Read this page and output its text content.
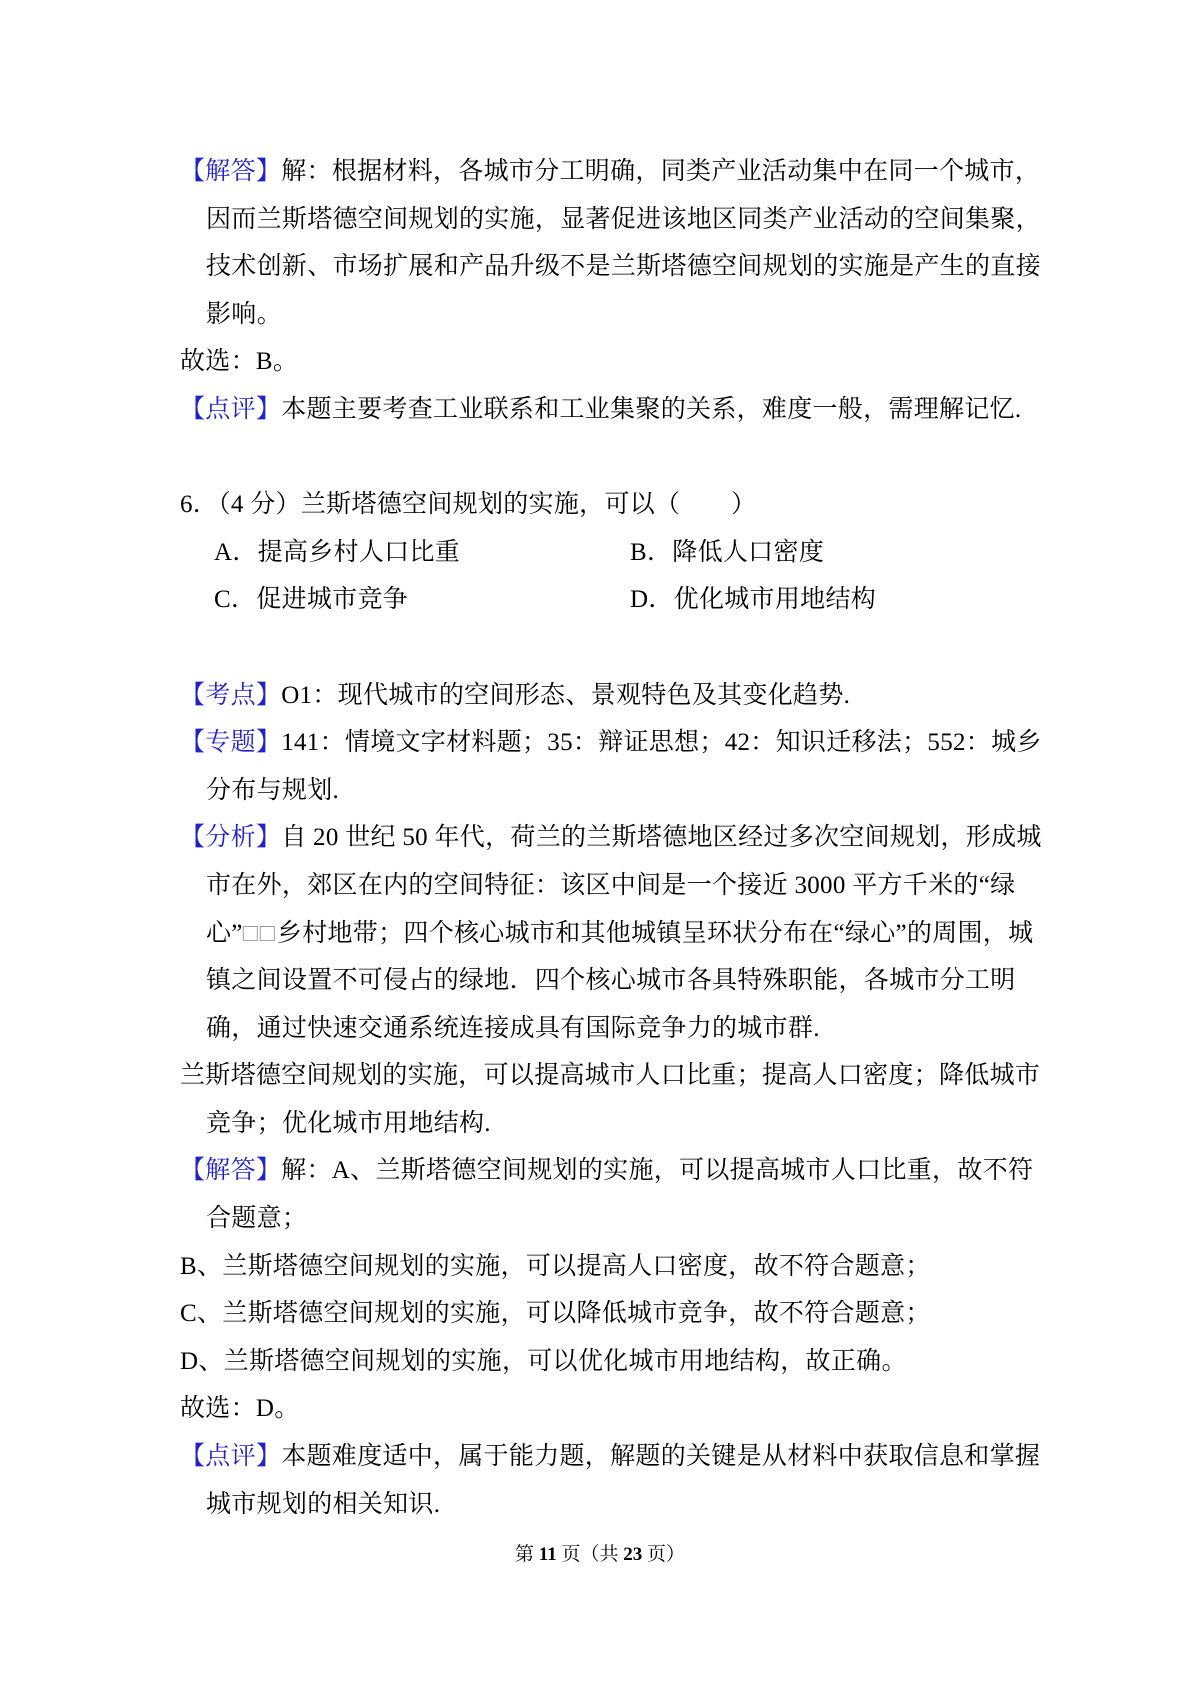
【解答】解：根据材料，各城市分工明确，同类产业活动集中在同一个城市，
因而兰斯塔德空间规划的实施，显著促进该地区同类产业活动的空间集聚，
技术创新、市场扩展和产品升级不是兰斯塔德空间规划的实施是产生的直接
影响。
故选：B。
【点评】本题主要考查工业联系和工业集聚的关系，难度一般，需理解记忆.
6．（4 分）兰斯塔德空间规划的实施，可以（　　）
A．提高乡村人口比重	B．降低人口密度
C．促进城市竞争	D．优化城市用地结构
【考点】O1：现代城市的空间形态、景观特色及其变化趋势.
【专题】141：情境文字材料题；35：辩证思想；42：知识迁移法；552：城乡
分布与规划.
【分析】自 20 世纪 50 年代，荷兰的兰斯塔德地区经过多次空间规划，形成城
市在外，郊区在内的空间特征：该区中间是一个接近 3000 平方千米的“绿
心”□□乡村地带；四个核心城市和其他城镇呈环状分布在“绿心”的周围，城
镇之间设置不可侵占的绿地．四个核心城市各具特殊职能，各城市分工明
确，通过快速交通系统连接成具有国际竞争力的城市群.
兰斯塔德空间规划的实施，可以提高城市人口比重；提高人口密度；降低城市
竞争；优化城市用地结构.
【解答】解：A、兰斯塔德空间规划的实施，可以提高城市人口比重，故不符
合题意；
B、兰斯塔德空间规划的实施，可以提高人口密度，故不符合题意；
C、兰斯塔德空间规划的实施，可以降低城市竞争，故不符合题意；
D、兰斯塔德空间规划的实施，可以优化城市用地结构，故正确。
故选：D。
【点评】本题难度适中，属于能力题，解题的关键是从材料中获取信息和掌握
城市规划的相关知识.
第 11 页（共 23 页）
